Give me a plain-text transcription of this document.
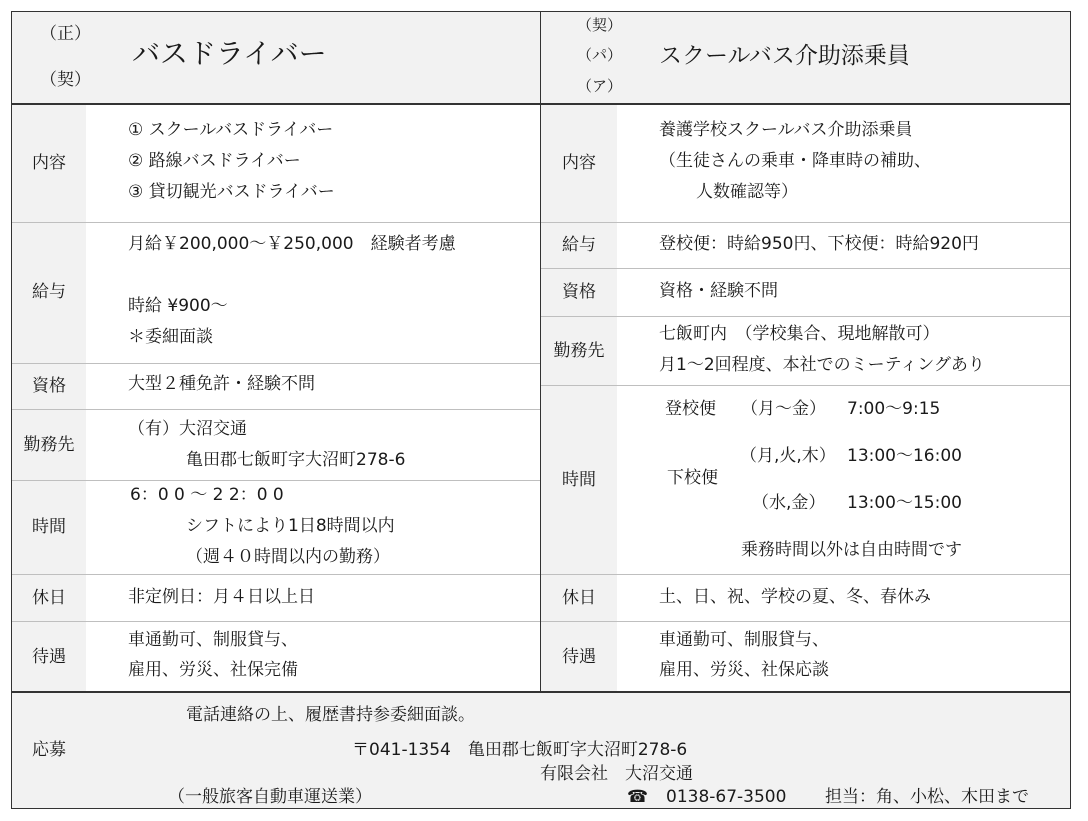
（正）
（契）
バスドライバー
（契）
（パ）
（ア）
スクールバス介助添乗員
内容
① スクールバスドライバー
② 路線バスドライバー
③ 貸切観光バスドライバー
給与
月給￥200,000～￥250,000　経験者考慮
時給 ¥900～
＊委細面談
資格	大型２種免許・経験不問
勤務先
（有）大沼交通
亀田郡七飯町字大沼町278-6
時間
6：0 0 ～ 2 2：0 0
シフトにより1日8時間以内
（週４０時間以内の勤務）
休日	非定例日：月４日以上日
待遇
車通勤可、制服貸与、
雇用、労災、社保完備
内容
養護学校スクールバス介助添乗員
（生徒さんの乗車・降車時の補助、
人数確認等）
給与	登校便：時給950円、下校便：時給920円
資格	資格・経験不問
勤務先
七飯町内　（学校集合、現地解散可）
月1～2回程度、本社でのミーティングあり
時間
登校便 （月～金） 7:00～9:15
下校便
（月,火,木） 13:00～16:00
（水,金） 13:00～15:00
乗務時間以外は自由時間です
休日	土、日、祝、学校の夏、冬、春休み
待遇
車通勤可、制服貸与、
雇用、労災、社保応談
応募
電話連絡の上、履歴書持参委細面談。
〒041-1354　亀田郡七飯町字大沼町278-6
有限会社　大沼交通
（一般旅客自動車運送業）	☎ 0138-67-3500 担当：角、小松、木田まで
